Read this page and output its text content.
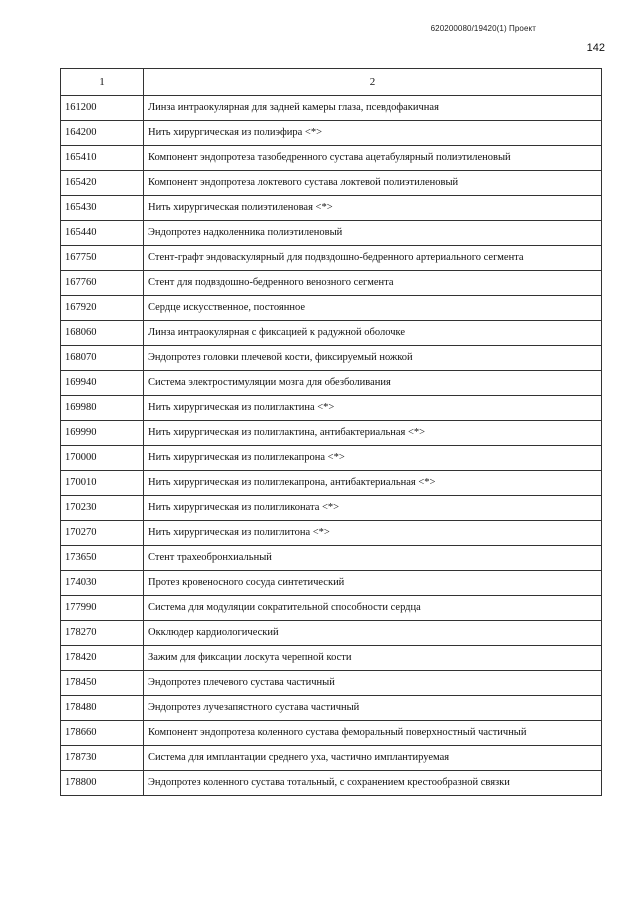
620200080/19420(1) Проект
142
1	2
161200	Линза интраокулярная для задней камеры глаза, псевдофакичная
164200	Нить хирургическая из полиэфира <*>
165410	Компонент эндопротеза тазобедренного сустава ацетабулярный полиэтиленовый
165420	Компонент эндопротеза локтевого сустава локтевой полиэтиленовый
165430	Нить хирургическая полиэтиленовая <*>
165440	Эндопротез надколенника полиэтиленовый
167750	Стент-графт эндоваскулярный для подвздошно-бедренного артериального сегмента
167760	Стент для подвздошно-бедренного венозного сегмента
167920	Сердце искусственное, постоянное
168060	Линза интраокулярная с фиксацией к радужной оболочке
168070	Эндопротез головки плечевой кости, фиксируемый ножкой
169940	Система электростимуляции мозга для обезболивания
169980	Нить хирургическая из полиглактина <*>
169990	Нить хирургическая из полиглактина, антибактериальная <*>
170000	Нить хирургическая из полиглекапрона <*>
170010	Нить хирургическая из полиглекапрона, антибактериальная <*>
170230	Нить хирургическая из полигликоната <*>
170270	Нить хирургическая из полиглитона <*>
173650	Стент трахеобронхиальный
174030	Протез кровеносного сосуда синтетический
177990	Система для модуляции сократительной способности сердца
178270	Окклюдер кардиологический
178420	Зажим для фиксации лоскута черепной кости
178450	Эндопротез плечевого сустава частичный
178480	Эндопротез лучезапястного сустава частичный
178660	Компонент эндопротеза коленного сустава феморальный поверхностный частичный
178730	Система для имплантации среднего уха, частично имплантируемая
178800	Эндопротез коленного сустава тотальный, с сохранением крестообразной связки
